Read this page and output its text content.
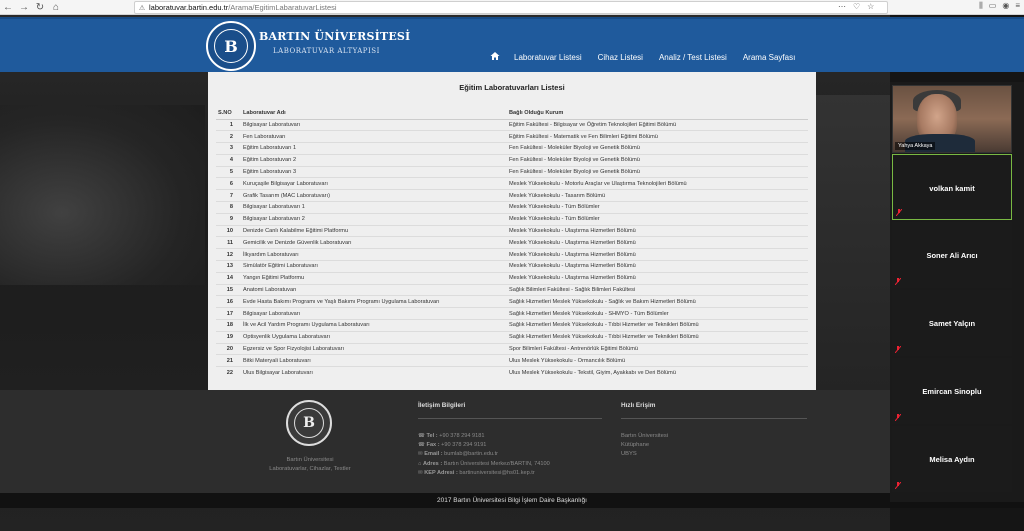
← → ↻ ⌂	⚠ laboratuvar.bartin.edu.tr /Arama/EgitimLabaratuvarListesi	⋯ ♡ ☆	⫼ ▭ ◉ ≡
B	BARTIN ÜNİVERSİTESİ
LABORATUVAR ALTYAPISI
Laboratuvar Listesi Cihaz Listesi Analiz / Test Listesi Arama Sayfası
Eğitim Laboratuvarları Listesi
S.NO	Laboratuvar Adı	Bağlı Olduğu Kurum
1	Bilgisayar Laboratuvarı	Eğitim Fakültesi - Bilgisayar ve Öğretim Teknolojileri Eğitimi Bölümü
2	Fen Laboratuvarı	Eğitim Fakültesi - Matematik ve Fen Bilimleri Eğitimi Bölümü
3	Eğitim Laboratuvarı 1	Fen Fakültesi - Moleküler Biyoloji ve Genetik Bölümü
4	Eğitim Laboratuvarı 2	Fen Fakültesi - Moleküler Biyoloji ve Genetik Bölümü
5	Eğitim Laboratuvarı 3	Fen Fakültesi - Moleküler Biyoloji ve Genetik Bölümü
6	Kuruçaşile Bilgisayar Laboratuvarı	Meslek Yüksekokulu - Motorlu Araçlar ve Ulaştırma Teknolojileri Bölümü
7	Grafik Tasarım (MAC Laboratuvarı)	Meslek Yüksekokulu - Tasarım Bölümü
8	Bilgisayar Laboratuvarı 1	Meslek Yüksekokulu - Tüm Bölümler
9	Bilgisayar Laboratuvarı 2	Meslek Yüksekokulu - Tüm Bölümler
10	Denizde Canlı Kalabilme Eğitimi Platformu	Meslek Yüksekokulu - Ulaştırma Hizmetleri Bölümü
11	Gemicilik ve Denizde Güvenlik Laboratuvarı	Meslek Yüksekokulu - Ulaştırma Hizmetleri Bölümü
12	İlkyardım Laboratuvarı	Meslek Yüksekokulu - Ulaştırma Hizmetleri Bölümü
13	Simülatör Eğitimi Laboratuvarı	Meslek Yüksekokulu - Ulaştırma Hizmetleri Bölümü
14	Yangın Eğitimi Platformu	Meslek Yüksekokulu - Ulaştırma Hizmetleri Bölümü
15	Anatomi Laboratuvarı	Sağlık Bilimleri Fakültesi - Sağlık Bilimleri Fakültesi
16	Evde Hasta Bakımı Programı ve Yaşlı Bakımı Programı Uygulama Laboratuvarı	Sağlık Hizmetleri Meslek Yüksekokulu - Sağlık ve Bakım Hizmetleri Bölümü
17	Bilgisayar Laboratuvarı	Sağlık Hizmetleri Meslek Yüksekokulu - SHMYO - Tüm Bölümler
18	İlk ve Acil Yardım Programı Uygulama Laboratuvarı	Sağlık Hizmetleri Meslek Yüksekokulu - Tıbbi Hizmetler ve Teknikleri Bölümü
19	Optisyenlik Uygulama Laboratuvarı	Sağlık Hizmetleri Meslek Yüksekokulu - Tıbbi Hizmetler ve Teknikleri Bölümü
20	Egzersiz ve Spor Fizyolojisi Laboratuvarı	Spor Bilimleri Fakültesi - Antrenörlük Eğitimi Bölümü
21	Bitki Materyali Laboratuvarı	Ulus Meslek Yüksekokulu - Ormancılık Bölümü
22	Ulus Bilgisayar Laboratuvarı	Ulus Meslek Yüksekokulu - Tekstil, Giyim, Ayakkabı ve Deri Bölümü
B
Bartın Üniversitesi
Laboratuvarlar, Cihazlar, Testler
İletişim Bilgileri
☎ Tel : +90 378 294 9181
☎ Fax : +90 378 294 9191
✉ Email : bumlab@bartin.edu.tr
⌂ Adres : Bartın Üniversitesi Merkez/BARTIN, 74100
✉ KEP Adresi : bartinuniversitesi@hs01.kep.tr
Hızlı Erişim
Bartın Üniversitesi
Kütüphane
UBYS
2017 Bartın Üniversitesi Bilgi İşlem Daire Başkanlığı
Yahya Akkaya
volkan kamit
Soner Ali Arıcı
Samet Yalçın
Emircan Sinoplu
Melisa Aydın
